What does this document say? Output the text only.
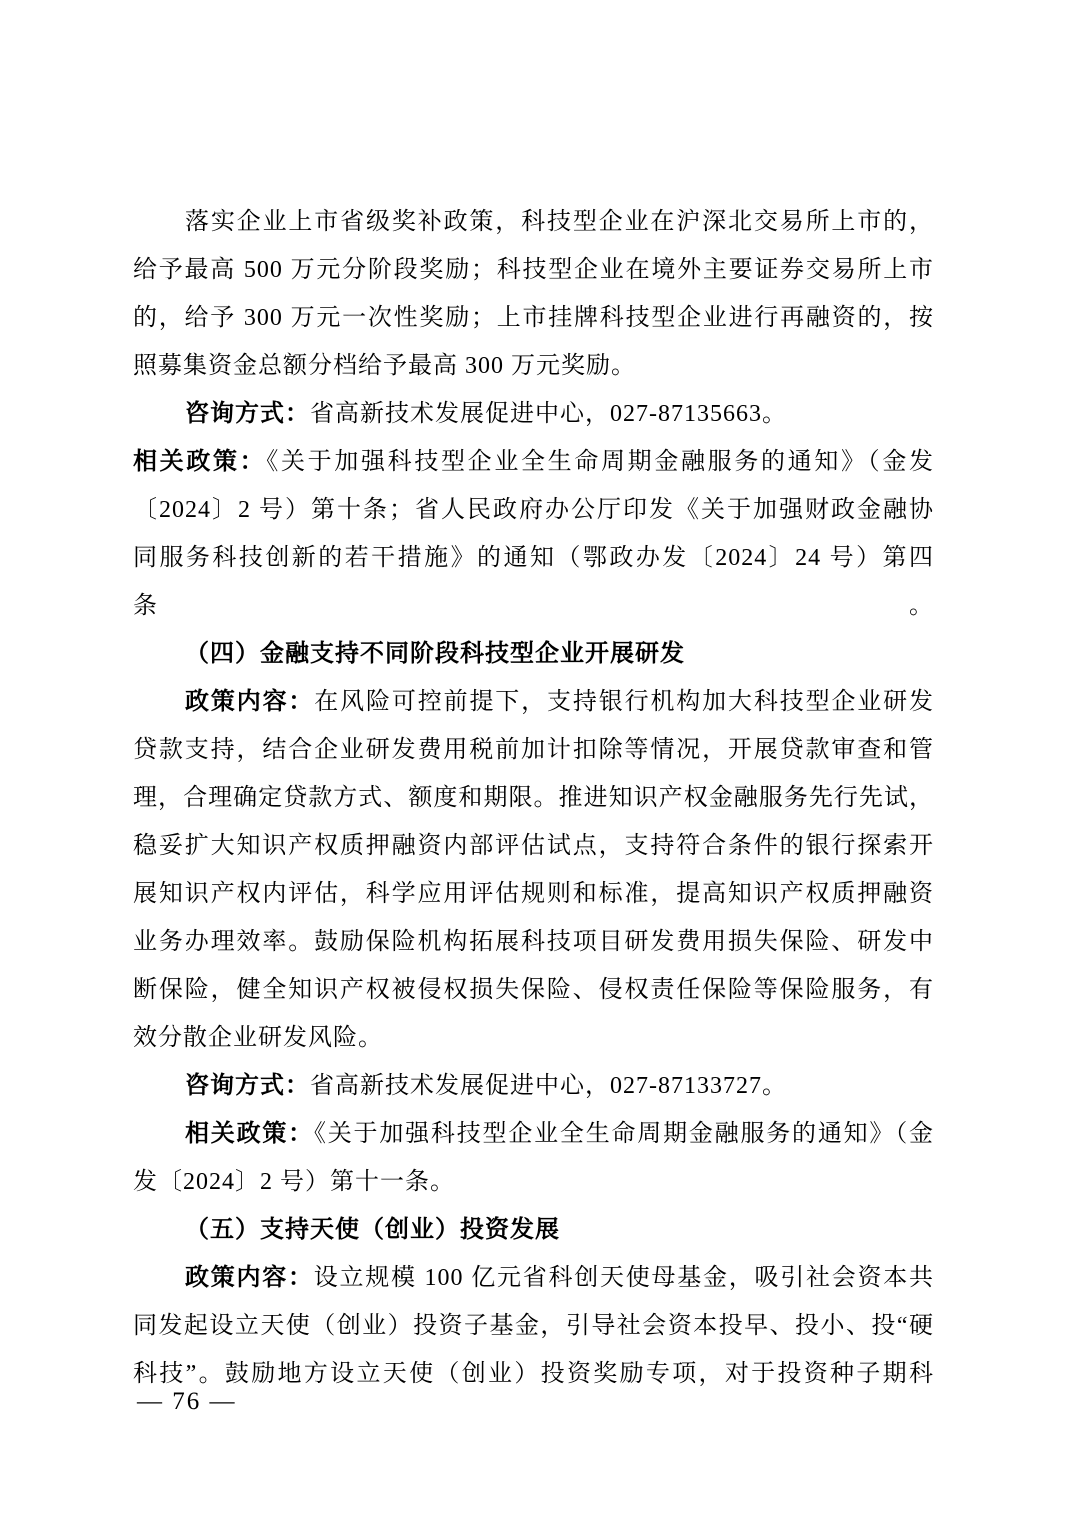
落实企业上市省级奖补政策，科技型企业在沪深北交易所上市的，
给予最高 500 万元分阶段奖励；科技型企业在境外主要证券交易所上市
的，给予 300 万元一次性奖励；上市挂牌科技型企业进行再融资的，按
照募集资金总额分档给予最高 300 万元奖励。
咨询方式：省高新技术发展促进中心，027-87135663。
相关政策：《关于加强科技型企业全生命周期金融服务的通知》（金发
〔2024〕2 号）第十条；省人民政府办公厅印发《关于加强财政金融协
同服务科技创新的若干措施》的通知（鄂政办发〔2024〕24 号）第四条。
（四）金融支持不同阶段科技型企业开展研发
政策内容：在风险可控前提下，支持银行机构加大科技型企业研发
贷款支持，结合企业研发费用税前加计扣除等情况，开展贷款审查和管
理，合理确定贷款方式、额度和期限。推进知识产权金融服务先行先试，
稳妥扩大知识产权质押融资内部评估试点，支持符合条件的银行探索开
展知识产权内评估，科学应用评估规则和标准，提高知识产权质押融资
业务办理效率。鼓励保险机构拓展科技项目研发费用损失保险、研发中
断保险，健全知识产权被侵权损失保险、侵权责任保险等保险服务，有
效分散企业研发风险。
咨询方式：省高新技术发展促进中心，027-87133727。
相关政策：《关于加强科技型企业全生命周期金融服务的通知》（金
发〔2024〕2 号）第十一条。
（五）支持天使（创业）投资发展
政策内容：设立规模 100 亿元省科创天使母基金，吸引社会资本共
同发起设立天使（创业）投资子基金，引导社会资本投早、投小、投“硬
科技”。鼓励地方设立天使（创业）投资奖励专项，对于投资种子期科
— 76 —
